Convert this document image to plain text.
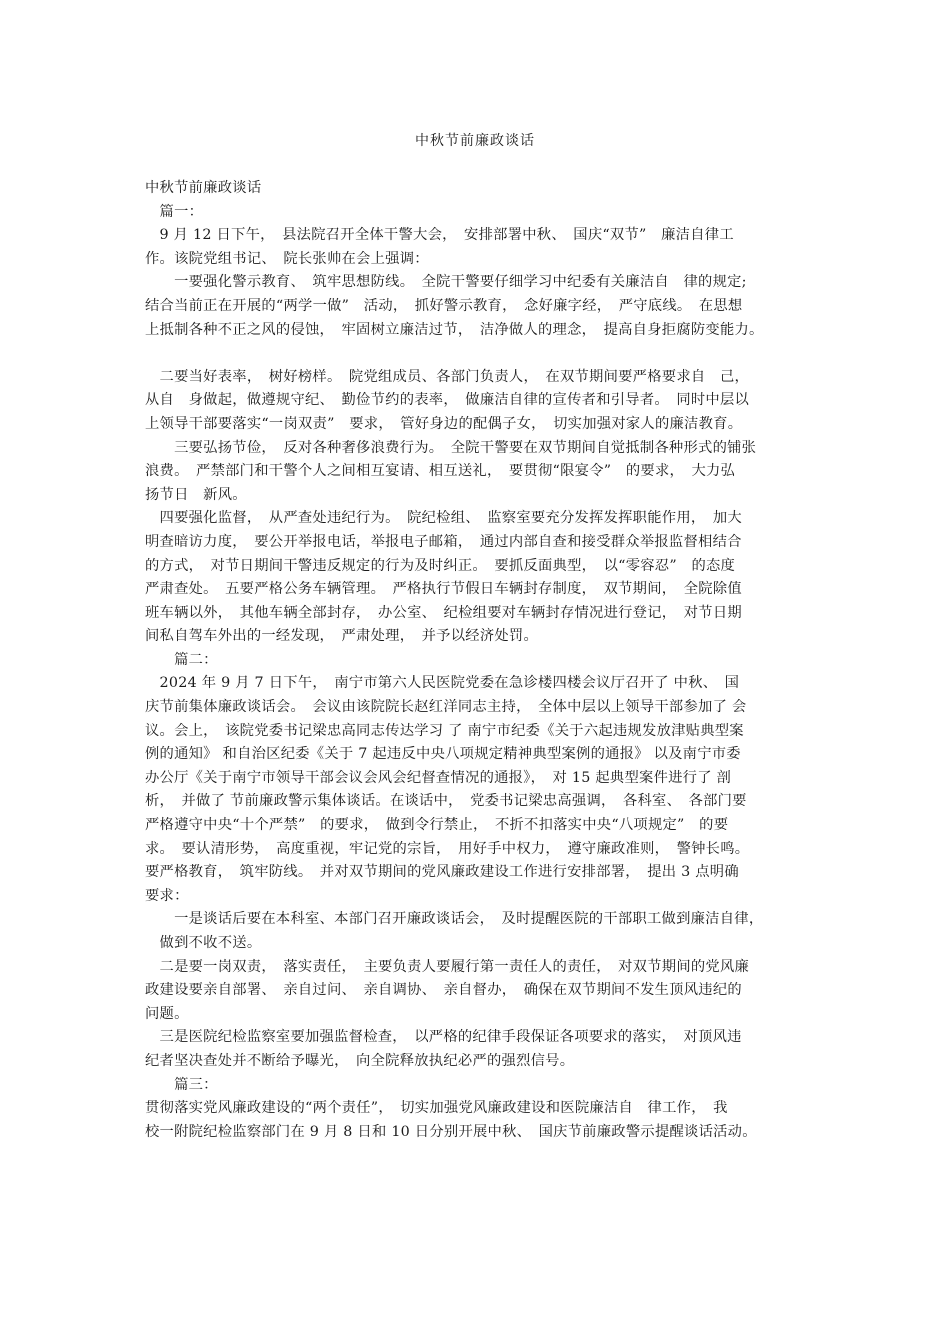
中秋节前廉政谈话
中秋节前廉政谈话
　篇一：
　9 月 12 日下午，　县法院召开全体干警大会，　安排部署中秋、　国庆“双节”　廉洁自律工
作。该院党组书记、　院长张帅在会上强调：
　　一要强化警示教育、　筑牢思想防线。　全院干警要仔细学习中纪委有关廉洁自　律的规定;
结合当前正在开展的“两学一做”　活动，　抓好警示教育，　念好廉字经，　严守底线。　在思想
上抵制各种不正之风的侵蚀，　牢固树立廉洁过节，　洁净做人的理念，　提高自身拒腐防变能力。
　二要当好表率，　树好榜样。　院党组成员、各部门负责人，　在双节期间要严格要求自　己，
从自　身做起，做遵规守纪、　勤俭节约的表率，　做廉洁自律的宣传者和引导者。　同时中层以
上领导干部要落实“一岗双责”　要求，　管好身边的配偶子女，　切实加强对家人的廉洁教育。
　　三要弘扬节俭，　反对各种奢侈浪费行为。　全院干警要在双节期间自觉抵制各种形式的铺张
浪费。　严禁部门和干警个人之间相互宴请、相互送礼，　要贯彻“限宴令”　的要求，　大力弘
扬节日　新风。
　四要强化监督，　从严查处违纪行为。　院纪检组、　监察室要充分发挥发挥职能作用，　加大
明查暗访力度，　要公开举报电话，举报电子邮箱，　通过内部自查和接受群众举报监督相结合
的方式，　对节日期间干警违反规定的行为及时纠正。　要抓反面典型，　以“零容忍”　的态度
严肃查处。　五要严格公务车辆管理。　严格执行节假日车辆封存制度，　双节期间，　全院除值
班车辆以外，　其他车辆全部封存，　办公室、　纪检组要对车辆封存情况进行登记，　对节日期
间私自驾车外出的一经发现，　严肃处理，　并予以经济处罚。
　　篇二：
　2024 年 9 月 7 日下午，　南宁市第六人民医院党委在急诊楼四楼会议厅召开了 中秋、　国
庆节前集体廉政谈话会。　会议由该院院长赵红洋同志主持，　全体中层以上领导干部参加了 会
议。会上，　该院党委书记梁忠高同志传达学习 了 南宁市纪委《关于六起违规发放津贴典型案
例的通知》 和自治区纪委《关于 7 起违反中央八项规定精神典型案例的通报》 以及南宁市委
办公厅《关于南宁市领导干部会议会风会纪督查情况的通报》，　对 15 起典型案件进行了 剖
析，　并做了 节前廉政警示集体谈话。在谈话中，　党委书记梁忠高强调，　各科室、　各部门要
严格遵守中央“十个严禁”　的要求，　做到令行禁止，　不折不扣落实中央“八项规定”　的要
求。　要认清形势，　高度重视，牢记党的宗旨，　用好手中权力，　遵守廉政准则，　警钟长鸣。
要严格教育，　筑牢防线。　并对双节期间的党风廉政建设工作进行安排部署，　提出 3 点明确
要求：
　　一是谈话后要在本科室、本部门召开廉政谈话会，　及时提醒医院的干部职工做到廉洁自律，
　做到不收不送。
　二是要一岗双责，　落实责任，　主要负责人要履行第一责任人的责任，　对双节期间的党风廉
政建设要亲自部署、　亲自过问、　亲自调协、　亲自督办，　确保在双节期间不发生顶风违纪的
问题。
　三是医院纪检监察室要加强监督检查，　以严格的纪律手段保证各项要求的落实，　对顶风违
纪者坚决查处并不断给予曝光，　向全院释放执纪必严的强烈信号。
　　篇三：
贯彻落实党风廉政建设的“两个责任”，　切实加强党风廉政建设和医院廉洁自　律工作，　我
校一附院纪检监察部门在 9 月 8 日和 10 日分别开展中秋、　国庆节前廉政警示提醒谈话活动。
